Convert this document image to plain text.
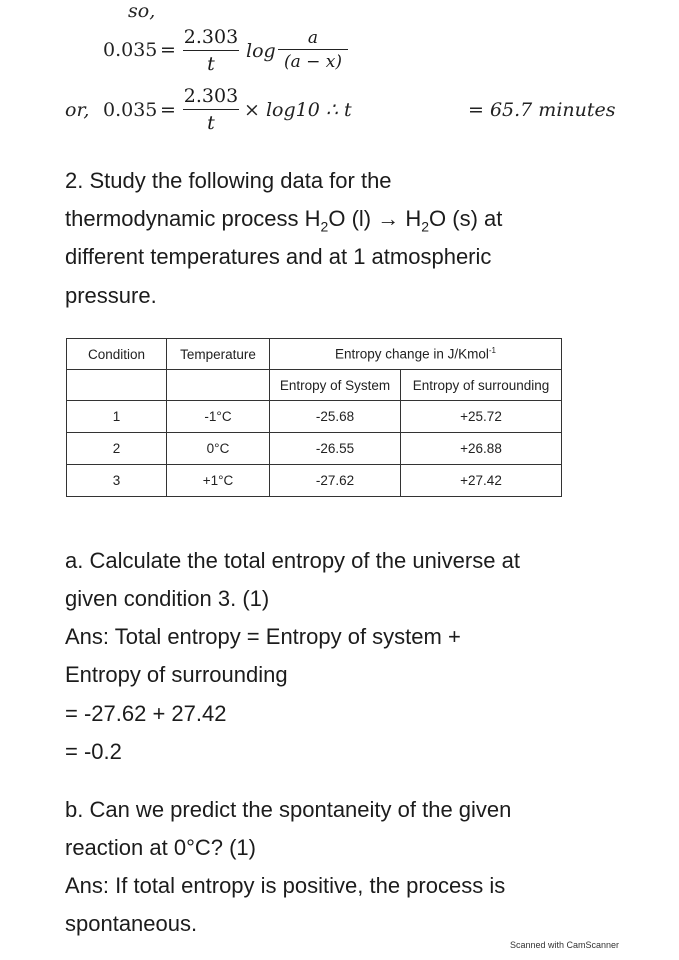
so,
0.035 =
2.303
t
log
a
(a − x)
or, 0.035 =
2.303
t
× log10 ∴ t	= 65.7 minutes
2. Study the following data for the
thermodynamic process $H_2O$ $(l) \to H_2O$ (s) at
different temperatures and at 1 atmospheric
pressure.
Condition	Temperature	Entropy change in J/Kmol$^{-1}$
		Entropy of System	Entropy of surrounding
1	-1°C	-25.68	+25.72
2	0°C	-26.55	+26.88
3	+1°C	-27.62	+27.42
a. Calculate the total entropy of the universe at
given condition 3. (1)
Ans: Total entropy = Entropy of system +
Entropy of surrounding
= -27.62 + 27.42
= -0.2
b. Can we predict the spontaneity of the given
reaction at 0°C? (1)
Ans: If total entropy is positive, the process is
spontaneous.
Scanned with CamScanner
